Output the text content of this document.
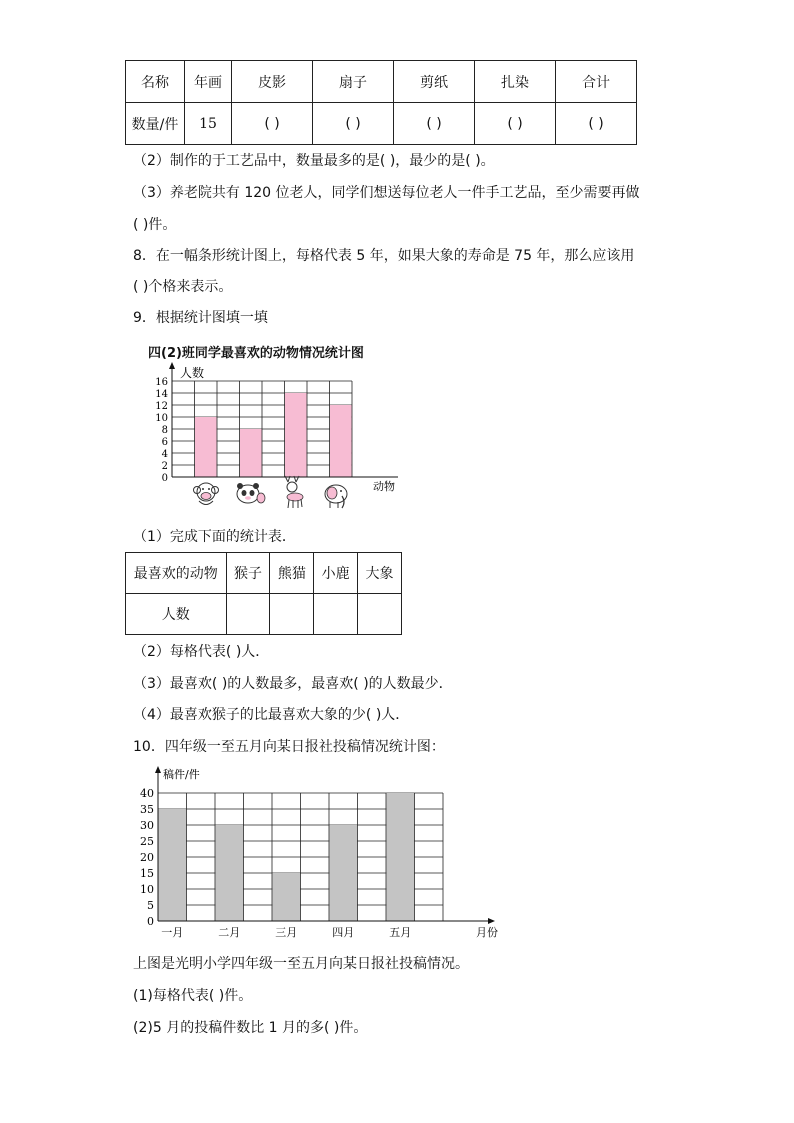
名称	年画	皮影	扇子	剪纸	扎染	合计
数量/件	15	( )	( )	( )	( )	( )
（2）制作的于工艺品中，数量最多的是( )，最少的是( )。
（3）养老院共有 120 位老人，同学们想送每位老人一件手工艺品，至少需要再做
( )件。
8．在一幅条形统计图上，每格代表 5 年，如果大象的寿命是 75 年，那么应该用
( )个格来表示。
9．根据统计图填一填
四(2)班同学最喜欢的动物情况统计图
0
2
4
6
8
10
12
14
16
人数
动物
（1）完成下面的统计表．
最喜欢的动物	猴子	熊猫	小鹿	大象
人数				
（2）每格代表( )人．
（3）最喜欢( )的人数最多，最喜欢( )的人数最少．
（4）最喜欢猴子的比最喜欢大象的少( )人．
10．四年级一至五月向某日报社投稿情况统计图：
0
5
10
15
20
25
30
35
40
一月	二月	三月	四月	五月
稿件/件
月份
上图是光明小学四年级一至五月向某日报社投稿情况。
(1)每格代表( )件。
(2)5 月的投稿件数比 1 月的多( )件。
